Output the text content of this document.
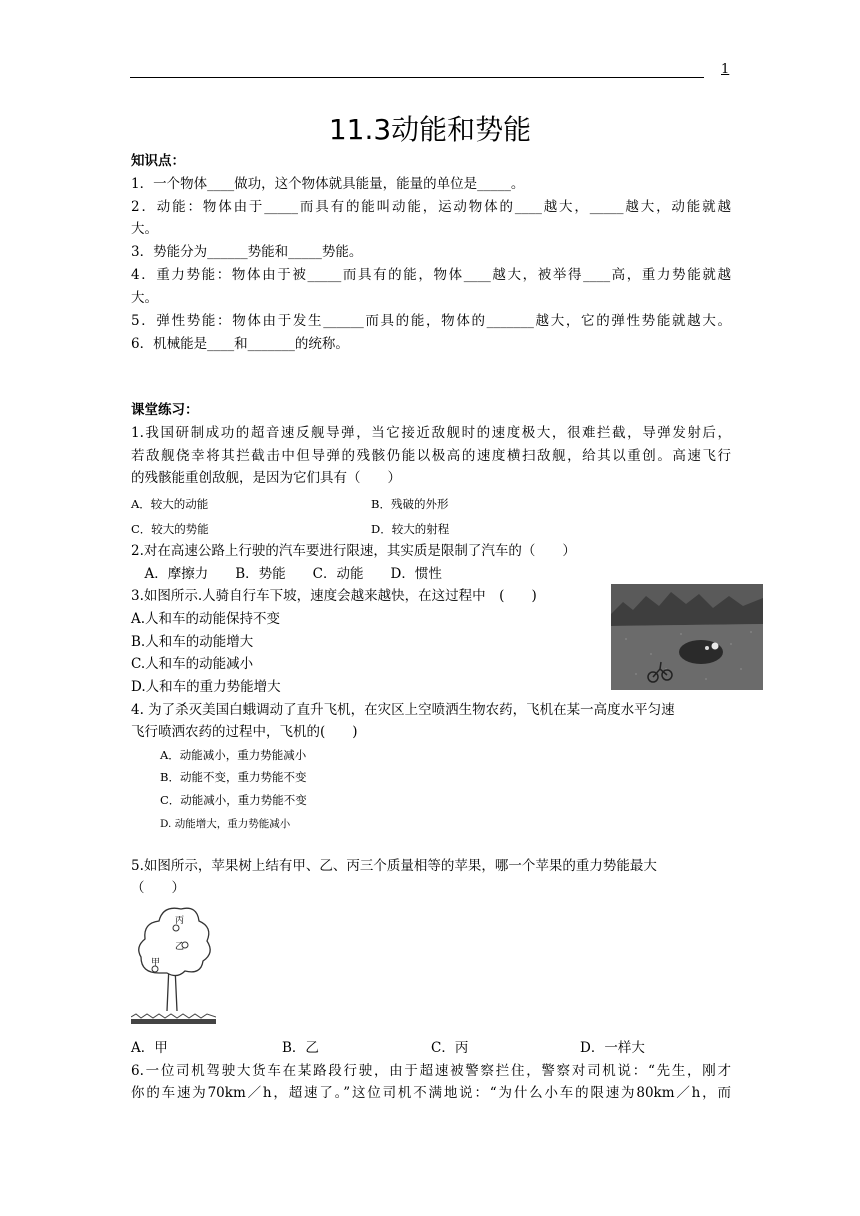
1
11.3动能和势能
知识点：
1．一个物体____做功，这个物体就具能量，能量的单位是_____。
2．动能：物体由于_____而具有的能叫动能，运动物体的____越大，_____越大，动能就越
大。
3．势能分为______势能和_____势能。
4．重力势能：物体由于被_____而具有的能，物体____越大，被举得____高，重力势能就越
大。
5．弹性势能：物体由于发生______而具的能，物体的_______越大，它的弹性势能就越大。
6．机械能是____和_______的统称。
课堂练习：
1.我国研制成功的超音速反舰导弹，当它接近敌舰时的速度极大，很难拦截，导弹发射后，
若敌舰侥幸将其拦截击中但导弹的残骸仍能以极高的速度横扫敌舰，给其以重创。高速飞行
的残骸能重创敌舰，是因为它们具有（　　）
A．较大的动能	B．残破的外形
C．较大的势能	D．较大的射程
2.对在高速公路上行驶的汽车要进行限速，其实质是限制了汽车的（　　）
　A．摩擦力　　B．势能　　C．动能　　D．惯性
3.如图所示.人骑自行车下坡，速度会越来越快，在这过程中　(　　)
A.人和车的动能保持不变
B.人和车的动能增大
C.人和车的动能减小
D.人和车的重力势能增大
4. 为了杀灭美国白蛾调动了直升飞机，在灾区上空喷洒生物农药，飞机在某一高度水平匀速
飞行喷洒农药的过程中，飞机的(　　)
A．动能减小，重力势能减小
B．动能不变，重力势能不变
C．动能减小，重力势能不变
D. 动能增大，重力势能减小
5.如图所示，苹果树上结有甲、乙、丙三个质量相等的苹果，哪一个苹果的重力势能最大
（　　）
丙
乙
甲
A．甲	B．乙	C．丙	D．一样大
6.一位司机驾驶大货车在某路段行驶，由于超速被警察拦住，警察对司机说：“先生，刚才
你的车速为70km／h，超速了。”这位司机不满地说：“为什么小车的限速为80km／h，而
